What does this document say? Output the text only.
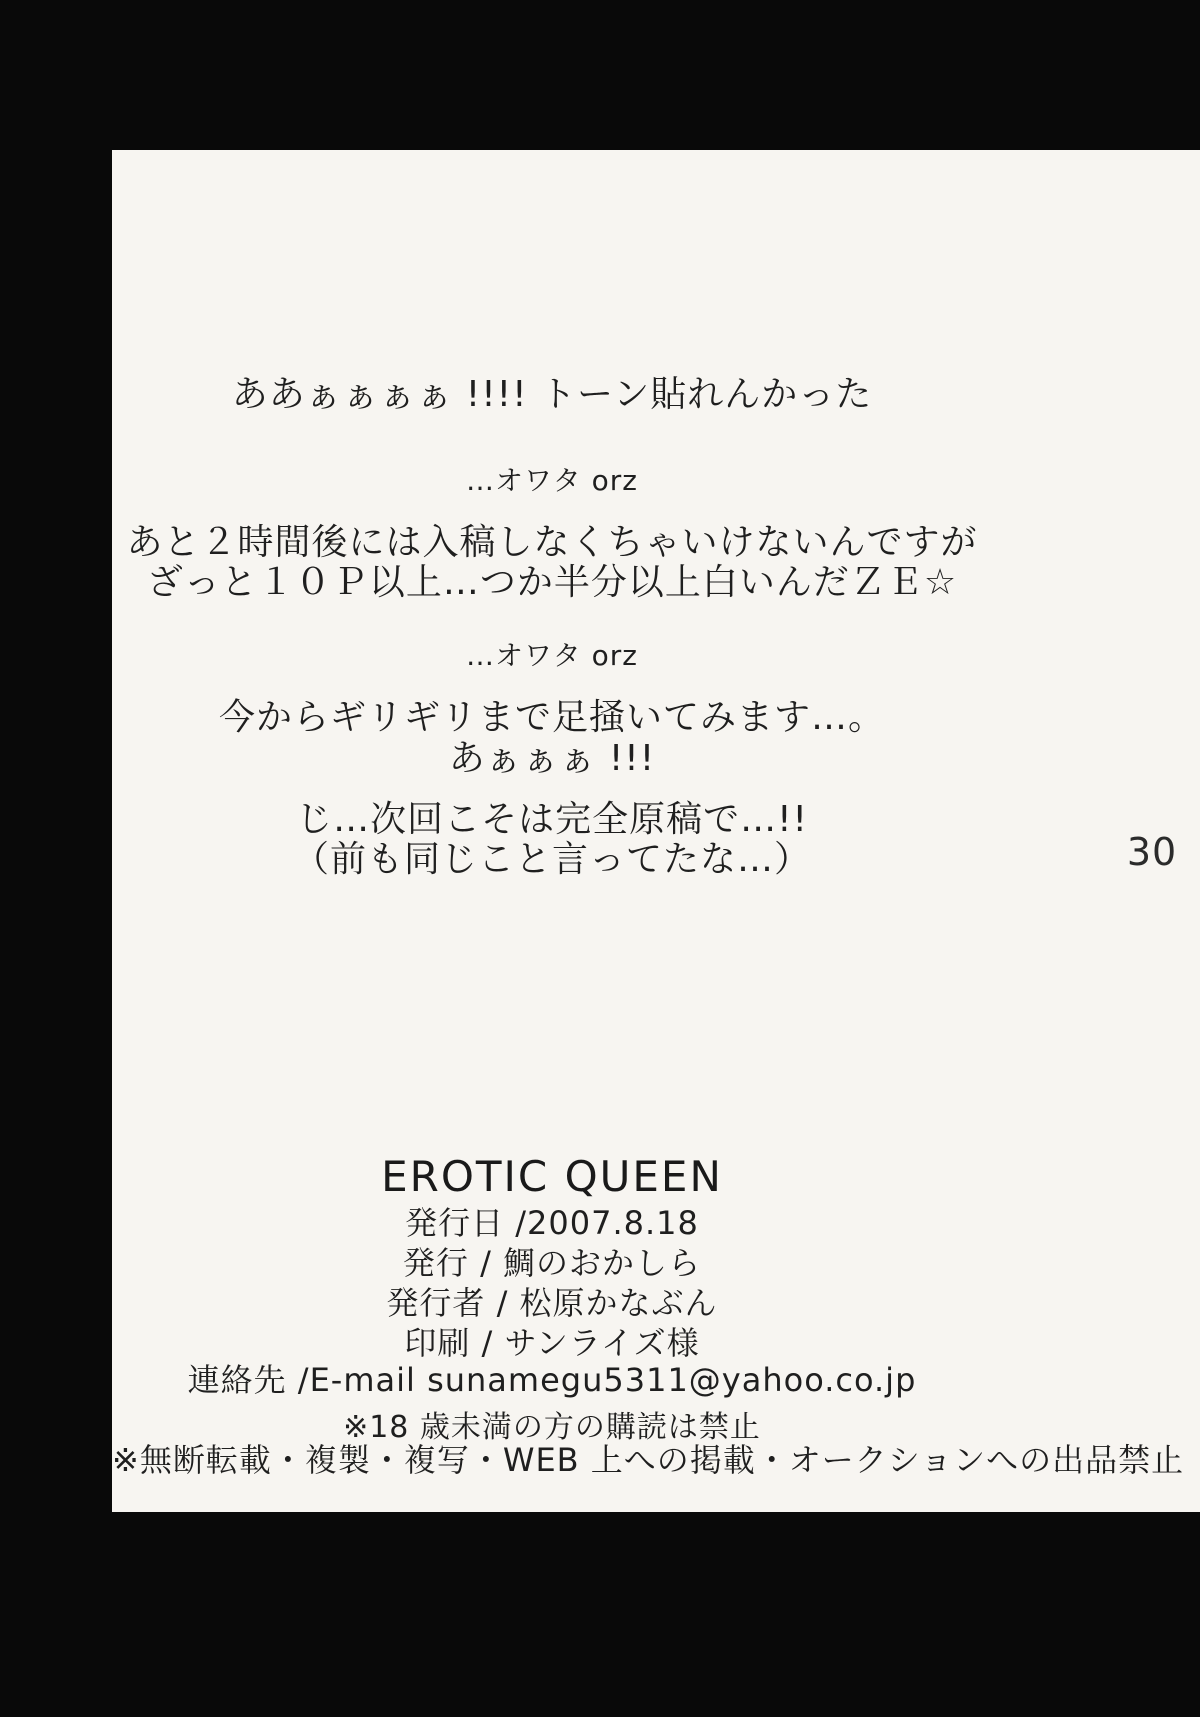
ああぁぁぁぁ !!!! トーン貼れんかった
…オワタ orz
あと２時間後には入稿しなくちゃいけないんですが
ざっと１０Ｐ以上…つか半分以上白いんだＺＥ☆
…オワタ orz
今からギリギリまで足掻いてみます…。
あぁぁぁ !!!
じ…次回こそは完全原稿で…!!
（前も同じこと言ってたな…）	30
EROTIC QUEEN
発行日 /2007.8.18
発行 / 鯛のおかしら
発行者 / 松原かなぶん
印刷 / サンライズ様
連絡先 /E-mail sunamegu5311@yahoo.co.jp
※18 歳未満の方の購読は禁止
※無断転載・複製・複写・WEB 上への掲載・オークションへの出品禁止
